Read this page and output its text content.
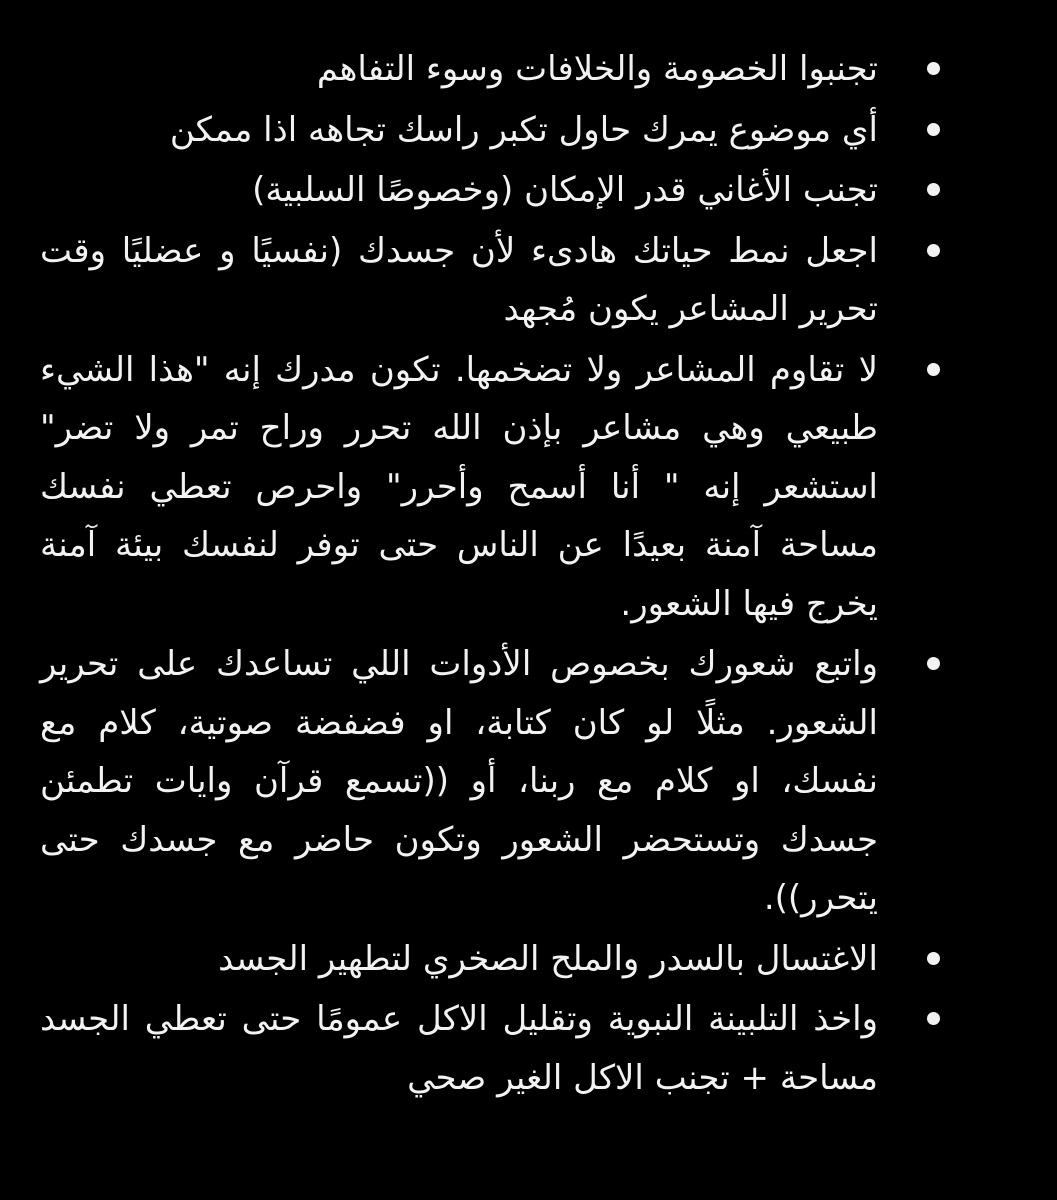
تجنبوا الخصومة والخلافات وسوء التفاهم
أي موضوع يمرك حاول تكبر راسك تجاهه اذا ممكن
تجنب الأغاني قدر الإمكان (وخصوصًا السلبية)
اجعل نمط حياتك هادىء لأن جسدك (نفسيًا و عضليًا وقت تحرير المشاعر يكون مُجهد
لا تقاوم المشاعر ولا تضخمها. تكون مدرك إنه "هذا الشيء طبيعي وهي مشاعر بإذن الله تحرر وراح تمر ولا تضر" استشعر إنه " أنا أسمح وأحرر" واحرص تعطي نفسك مساحة آمنة بعيدًا عن الناس حتى توفر لنفسك بيئة آمنة يخرج فيها الشعور.
واتبع شعورك بخصوص الأدوات اللي تساعدك على تحرير الشعور. مثلًا لو كان كتابة، او فضفضة صوتية، كلام مع نفسك، او كلام مع ربنا، أو ((تسمع قرآن وايات تطمئن جسدك وتستحضر الشعور وتكون حاضر مع جسدك حتى يتحرر)).
الاغتسال بالسدر والملح الصخري لتطهير الجسد
واخذ التلبينة النبوية وتقليل الاكل عمومًا حتى تعطي الجسد مساحة + تجنب الاكل الغير صحي
